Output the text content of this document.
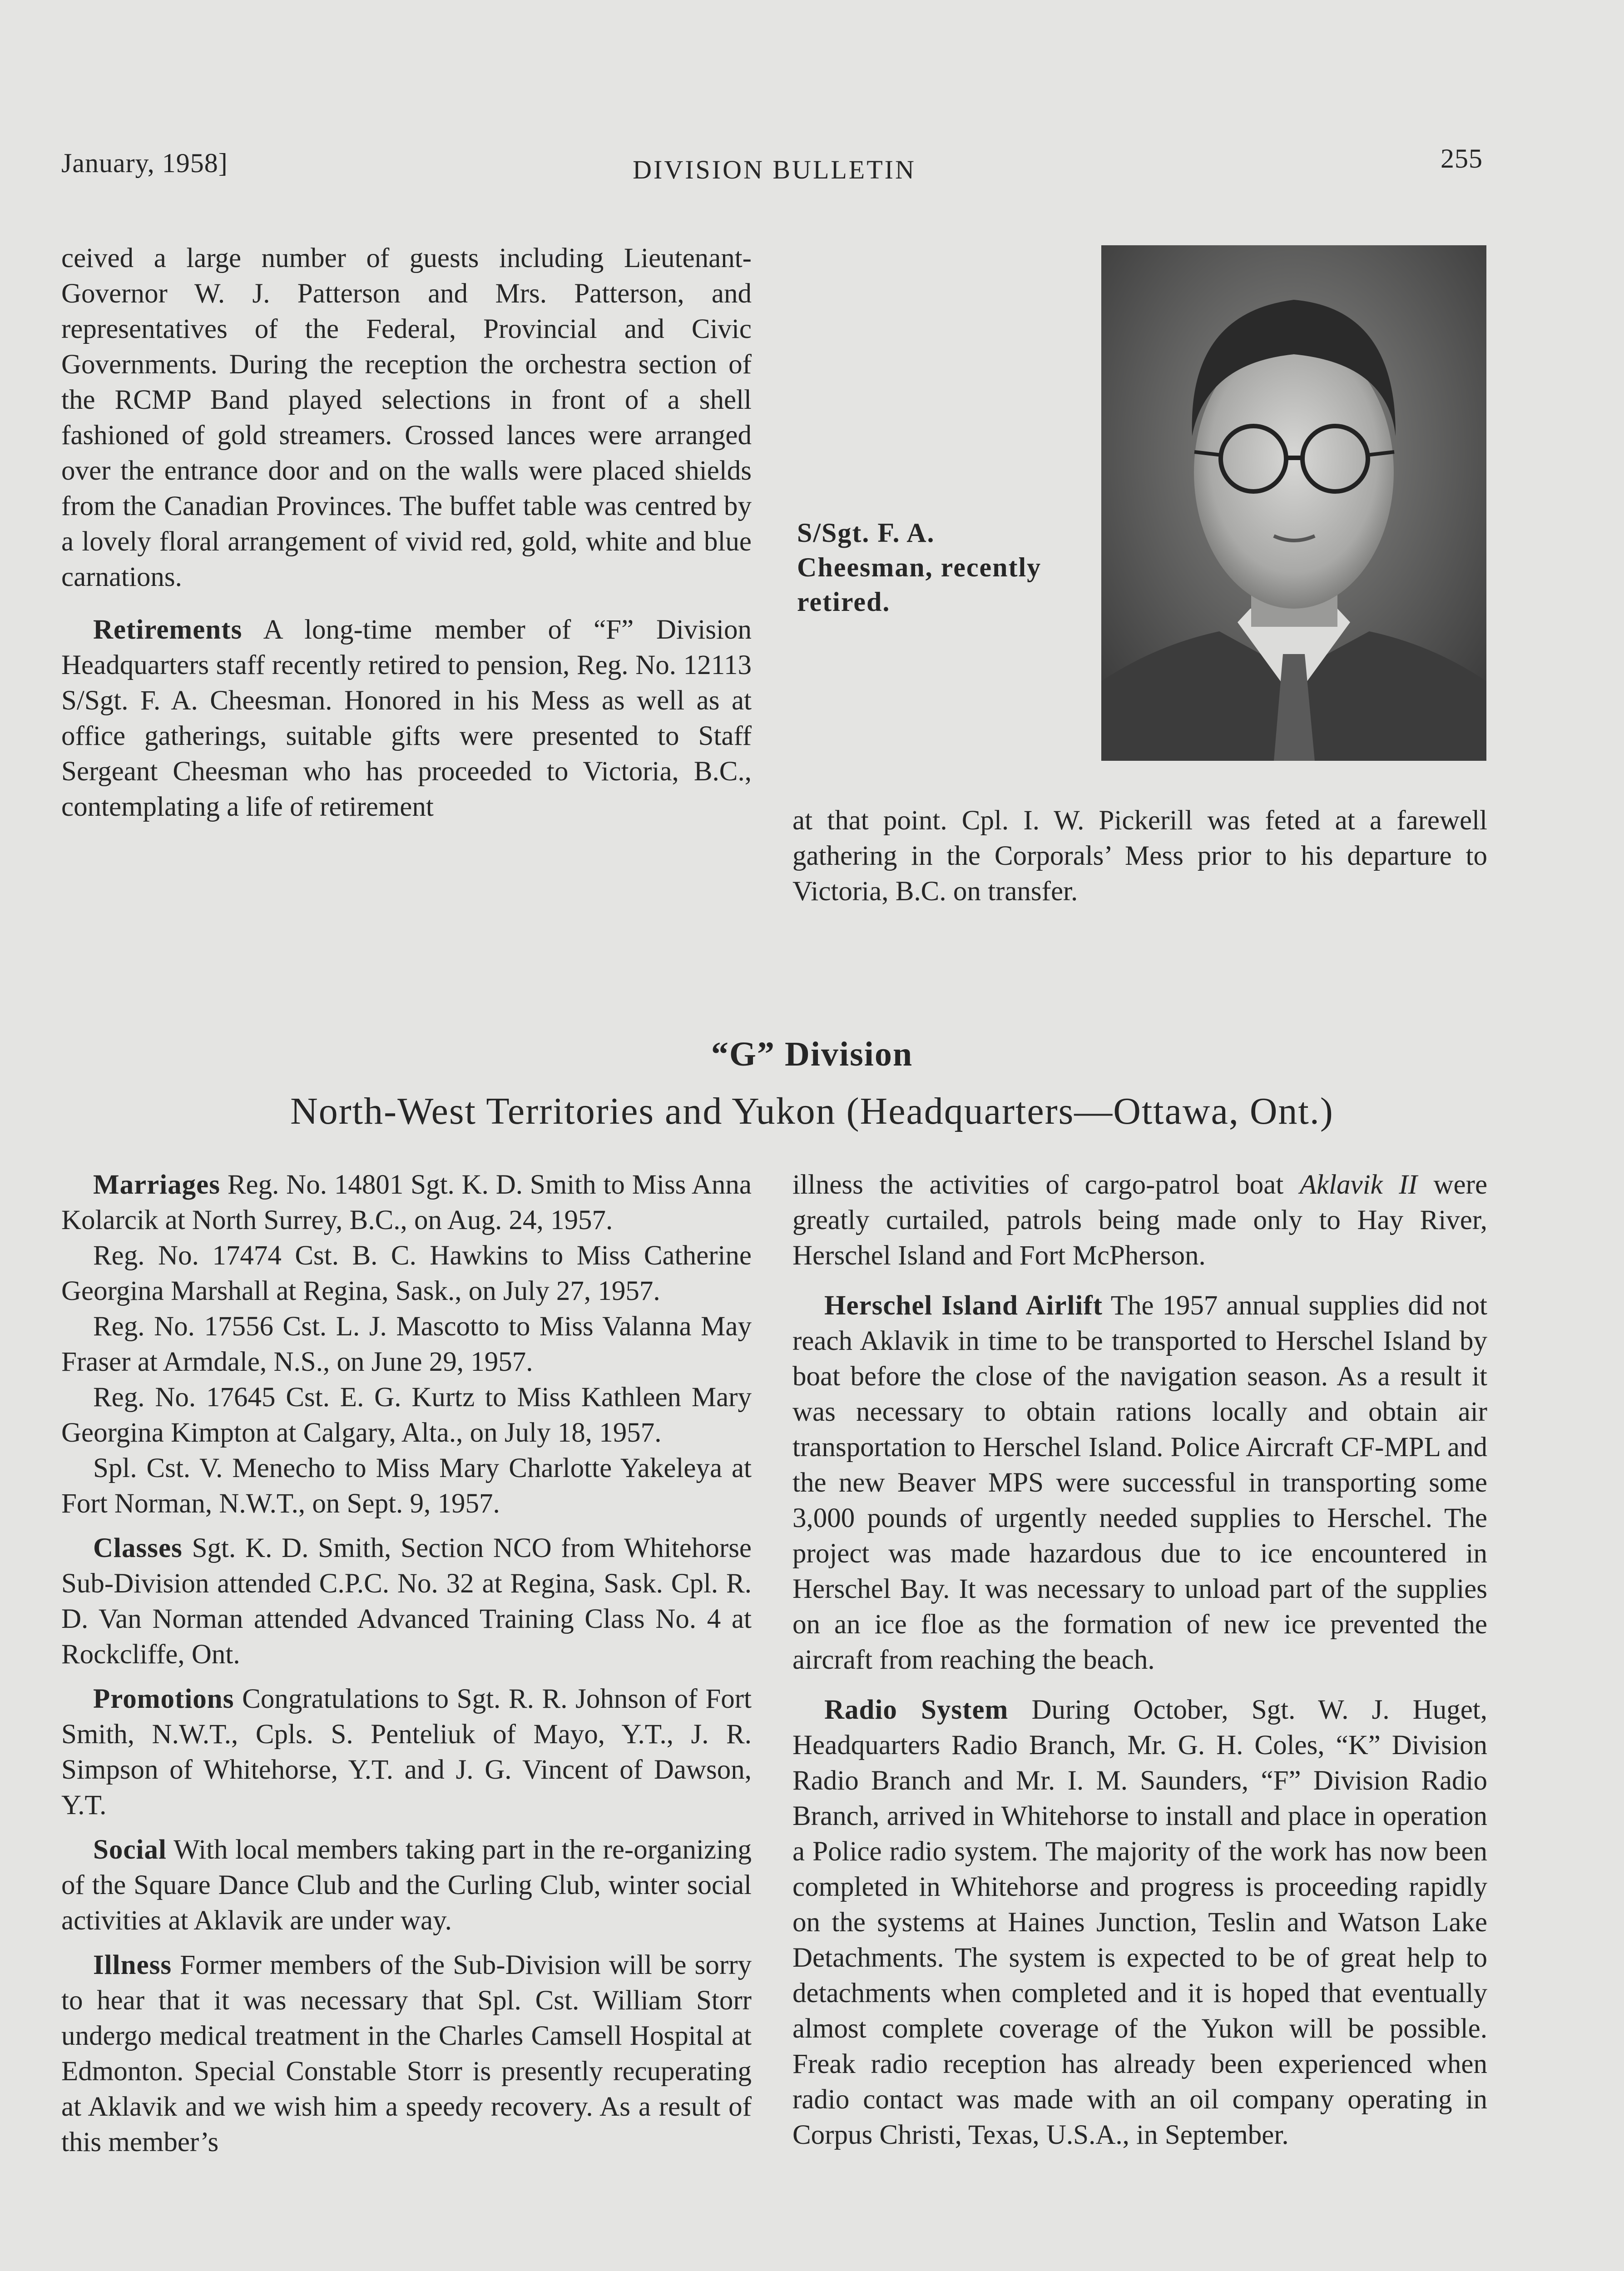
January, 1958]	DIVISION BULLETIN	255

ceived a large number of guests including Lieutenant-Governor W. J. Patterson and Mrs. Patterson, and representatives of the Federal, Provincial and Civic Governments. During the reception the orchestra section of the RCMP Band played selections in front of a shell fashioned of gold streamers. Crossed lances were arranged over the entrance door and on the walls were placed shields from the Canadian Provinces. The buffet table was centred by a lovely floral arrangement of vivid red, gold, white and blue carnations.

Retirements A long-time member of “F” Division Headquarters staff recently retired to pension, Reg. No. 12113 S/Sgt. F. A. Cheesman. Honored in his Mess as well as at office gatherings, suitable gifts were presented to Staff Sergeant Cheesman who has proceeded to Victoria, B.C., contemplating a life of retirement

S/Sgt. F. A. Cheesman, recently retired.

at that point. Cpl. I. W. Pickerill was feted at a farewell gathering in the Corporals’ Mess prior to his departure to Victoria, B.C. on transfer.

“G” Division
North-West Territories and Yukon (Headquarters—Ottawa, Ont.)

Marriages Reg. No. 14801 Sgt. K. D. Smith to Miss Anna Kolarcik at North Surrey, B.C., on Aug. 24, 1957.

Reg. No. 17474 Cst. B. C. Hawkins to Miss Catherine Georgina Marshall at Regina, Sask., on July 27, 1957.

Reg. No. 17556 Cst. L. J. Mascotto to Miss Valanna May Fraser at Armdale, N.S., on June 29, 1957.

Reg. No. 17645 Cst. E. G. Kurtz to Miss Kathleen Mary Georgina Kimpton at Calgary, Alta., on July 18, 1957.

Spl. Cst. V. Menecho to Miss Mary Charlotte Yakeleya at Fort Norman, N.W.T., on Sept. 9, 1957.

Classes Sgt. K. D. Smith, Section NCO from Whitehorse Sub-Division attended C.P.C. No. 32 at Regina, Sask. Cpl. R. D. Van Norman attended Advanced Training Class No. 4 at Rockcliffe, Ont.

Promotions Congratulations to Sgt. R. R. Johnson of Fort Smith, N.W.T., Cpls. S. Penteliuk of Mayo, Y.T., J. R. Simpson of Whitehorse, Y.T. and J. G. Vincent of Dawson, Y.T.

Social With local members taking part in the re-organizing of the Square Dance Club and the Curling Club, winter social activities at Aklavik are under way.

Illness Former members of the Sub-Division will be sorry to hear that it was necessary that Spl. Cst. William Storr undergo medical treatment in the Charles Camsell Hospital at Edmonton. Special Constable Storr is presently recuperating at Aklavik and we wish him a speedy recovery. As a result of this member’s

illness the activities of cargo-patrol boat Aklavik II were greatly curtailed, patrols being made only to Hay River, Herschel Island and Fort McPherson.

Herschel Island Airlift The 1957 annual supplies did not reach Aklavik in time to be transported to Herschel Island by boat before the close of the navigation season. As a result it was necessary to obtain rations locally and obtain air transportation to Herschel Island. Police Aircraft CF-MPL and the new Beaver MPS were successful in transporting some 3,000 pounds of urgently needed supplies to Herschel. The project was made hazardous due to ice encountered in Herschel Bay. It was necessary to unload part of the supplies on an ice floe as the formation of new ice prevented the aircraft from reaching the beach.

Radio System During October, Sgt. W. J. Huget, Headquarters Radio Branch, Mr. G. H. Coles, “K” Division Radio Branch and Mr. I. M. Saunders, “F” Division Radio Branch, arrived in Whitehorse to install and place in operation a Police radio system. The majority of the work has now been completed in Whitehorse and progress is proceeding rapidly on the systems at Haines Junction, Teslin and Watson Lake Detachments. The system is expected to be of great help to detachments when completed and it is hoped that eventually almost complete coverage of the Yukon will be possible. Freak radio reception has already been experienced when radio contact was made with an oil company operating in Corpus Christi, Texas, U.S.A., in September.
